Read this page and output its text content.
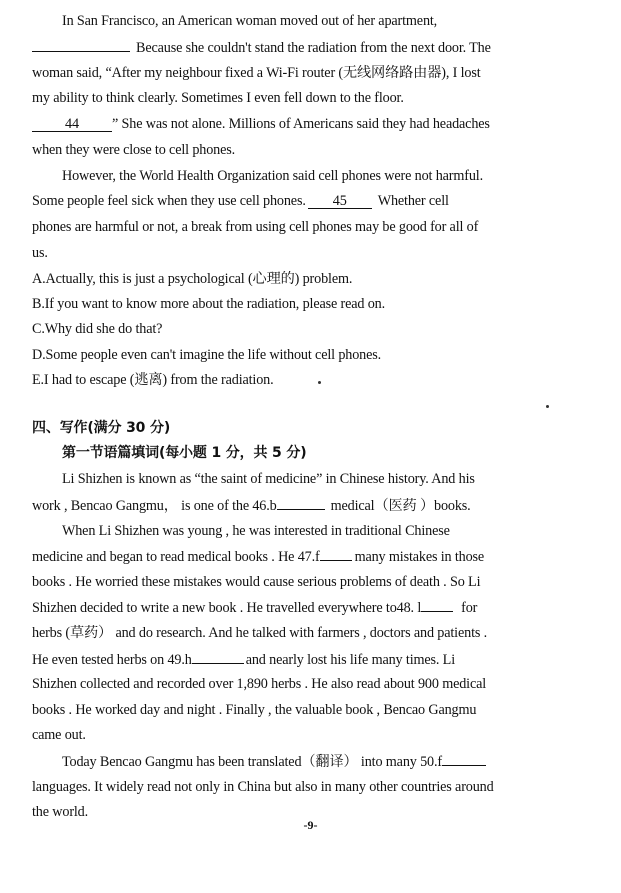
In San Francisco, an American woman moved out of her apartment,
Because she couldn't stand the radiation from the next door. The
woman said, “After my neighbour fixed a Wi-Fi router (无线网络路由器), I lost
my ability to think clearly. Sometimes I even fell down to the floor.
44 ” She was not alone. Millions of Americans said they had headaches
when they were close to cell phones.
However, the World Health Organization said cell phones were not harmful.
Some people feel sick when they use cell phones. 45 Whether cell
phones are harmful or not, a break from using cell phones may be good for all of
us.
A.Actually, this is just a psychological (心理的) problem.
B.If you want to know more about the radiation, please read on.
C.Why did she do that?
D.Some people even can't imagine the life without cell phones.
E.I had to escape (逃离) from the radiation.
四、写作(满分 30 分)
第一节语篇填词(每小题 1 分，共 5 分)
Li Shizhen is known as “the saint of medicine” in Chinese history. And his
work , Bencao Gangmu， is one of the 46.b	medical（医药 ）books.
When Li Shizhen was young , he was interested in traditional Chinese
medicine and began to read medical books . He 47.f many mistakes in those
books . He worried these mistakes would cause serious problems of death . So Li
Shizhen decided to write a new book . He travelled everywhere to48. l	for
herbs (草药） and do research. And he talked with farmers , doctors and patients .
He even tested herbs on 49.h	and nearly lost his life many times. Li
Shizhen collected and recorded over 1,890 herbs . He also read about 900 medical
books . He worked day and night . Finally , the valuable book , Bencao Gangmu
came out.
Today Bencao Gangmu has been translated（翻译） into many 50.f
languages. It widely read not only in China but also in many other countries around
the world.
-9-
